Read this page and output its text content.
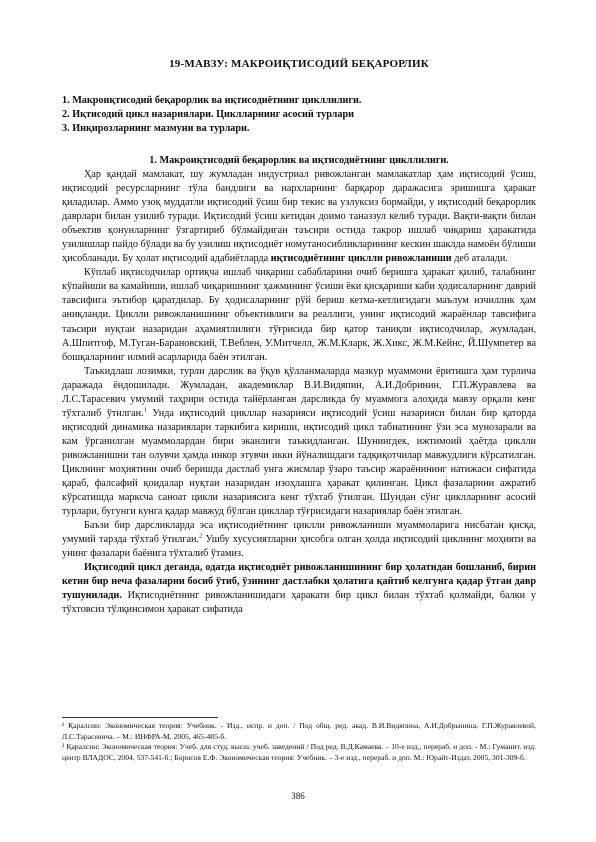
19-МАВЗУ: МАКРОИҚТИСОДИЙ БЕҚАРОРЛИК
1. Макроиқтисодий беқарорлик ва иқтисодиётнинг цикллилиги.
2. Иқтисодий цикл назариялари. Циклларнинг асосий турлари
3. Инқирозларнинг мазмуни ва турлари.
1. Макроиқтисодий беқарорлик ва иқтисодиётнинг цикллилиги.

Ҳар қандай мамлакат, шу жумладан индустриал ривожланган мамлакатлар ҳам иқтисодий ўсиш, иқтисодий ресурсларнинг тўла бандлиги ва нархларнинг барқарор даражасига эришишга ҳаракат қиладилар. Аммо узоқ муддатли иқтисодий ўсиш бир текис ва узлуксиз бормайди, у иқтисодий беқарорлик даврлари билан узилиб туради. Иқтисодий ўсиш кетидан доимо таназзул келиб туради. Вақти-вақти билан объектив қонунларнинг ўзгартириб бўлмайдиган таъсири остида такрор ишлаб чиқариш ҳаракатида узилишлар пайдо бўлади ва бу узилиш иқтисодиёт номутаносибликларининг кескин шаклда намоён бўлиши ҳисобланади. Бу ҳолат иқтисодий адабиётларда иқтисодиётнинг циклли ривожланиши деб аталади.

Кўплаб иқтисодчилар ортиқча ишлаб чиқариш сабабларини очиб беришга ҳаракат қилиб, талабнинг кўпайиши ва камайиши, ишлаб чиқаришнинг ҳажмининг ўсиши ёки қисқариши каби ҳодисаларнинг даврий тавсифига эътибор қаратдилар. Бу ҳодисаларнинг рўй бериш кетма-кетлигидаги маълум изчиллик ҳам аниқланди. Циклли ривожланишнинг объективлиги ва реаллиги, унинг иқтисодий жараёнлар тавсифига таъсири нуқтаи назаридан аҳамиятлилиги тўғрисида бир қатор таниқли иқтисодчилар, жумладан, А.Шпитгоф, М.Туган-Барановский, Т.Веблен, У.Митчелл, Ж.М.Кларк, Ж.Хикс, Ж.М.Кейнс, Й.Шумпетер ва бошқаларнинг илмий асарларида баён этилган.

Таъкидлаш лозимки, турли дарслик ва ўқув қўлланмаларда мазкур муаммони ёритишга ҳам турлича даражада ёндошилади. Жумладан, академиклар В.И.Видяпин, А.И.Добринин, Г.П.Журавлева ва Л.С.Тарасевич умумий таҳрири остида тайёрланган дарсликда бу муаммога алоҳида мавзу орқали кенг тўхталиб ўтилган.$^1$ Унда иқтисодий цикллар назарияси иқтисодий ўсиш назарияси билан бир қаторда иқтисодий динамика назариялари таркибига кириши, иқтисодий цикл табиатининг ўзи эса мунозарали ва кам ўрганилган муаммолардан бири эканлиги таъкидланган. Шунингдек, ижтимоий ҳаётда циклли ривожланишни тан олувчи ҳамда инкор этувчи икки йўналишдаги тадқиқотчилар мавжудлиги кўрсатилган. Циклнинг моҳиятини очиб беришда дастлаб унга жисмлар ўзаро таъсир жараёнининг натижаси сифатида қараб, фалсафий қоидалар нуқтаи назаридан изоҳлашга ҳаракат қилинган. Цикл фазаларини ажратиб кўрсатишда марксча саноат цикли назариясига кенг тўхтаб ўтилган. Шундан сўнг циклларнинг асосий турлари, бугунги кунга қадар мавжуд бўлган цикллар тўғрисидаги назариялар баён этилган.

Баъзи бир дарсликларда эса иқтисодиётнинг циклли ривожланиши муаммоларига нисбатан қисқа, умумий тарзда тўхтаб ўтилган.$^2$ Ушбу хусусиятларни ҳисобга олган ҳолда иқтисодий циклнинг моҳияти ва унинг фазалари баёнига тўхталиб ўтамиз.

Иқтисодий цикл деганда, одатда иқтисодиёт ривожланишининг бир ҳолатидан бошланиб, бирин кетин бир неча фазаларни босиб ўтиб, ўзининг дастлабки ҳолатига қайтиб келгунга қадар ўтган давр тушунилади. Иқтисодиётнинг ривожланишидаги ҳаракати бир цикл билан тўхтаб қолмайди, балки у тўхтовсиз тўлқинсимон ҳаракат сифатида

¹ Қаралсин: Экономическая теория: Учебник. - Изд., испр. и доп. / Под общ. ред. акад. В.И.Видяпина, А.И.Добрынина, Г.П.Журавлевой, Л.С.Тарасевича. – М.: ИНФРА-М, 2005, 465-485-б.
² Қаралсин: Экономическая теория: Учеб. для студ. высш. учеб. заведений / Под ред. В.Д.Камаева. – 10-е изд., перераб. и доп. - М.: Гуманит. изд. центр ВЛАДОС, 2004, 537-541-б.; Борисов Е.Ф. Экономическая теория: Учебник. – 3-е изд., перераб. и доп. М.: Юрайт-Издат, 2005, 301-309-б.
386
